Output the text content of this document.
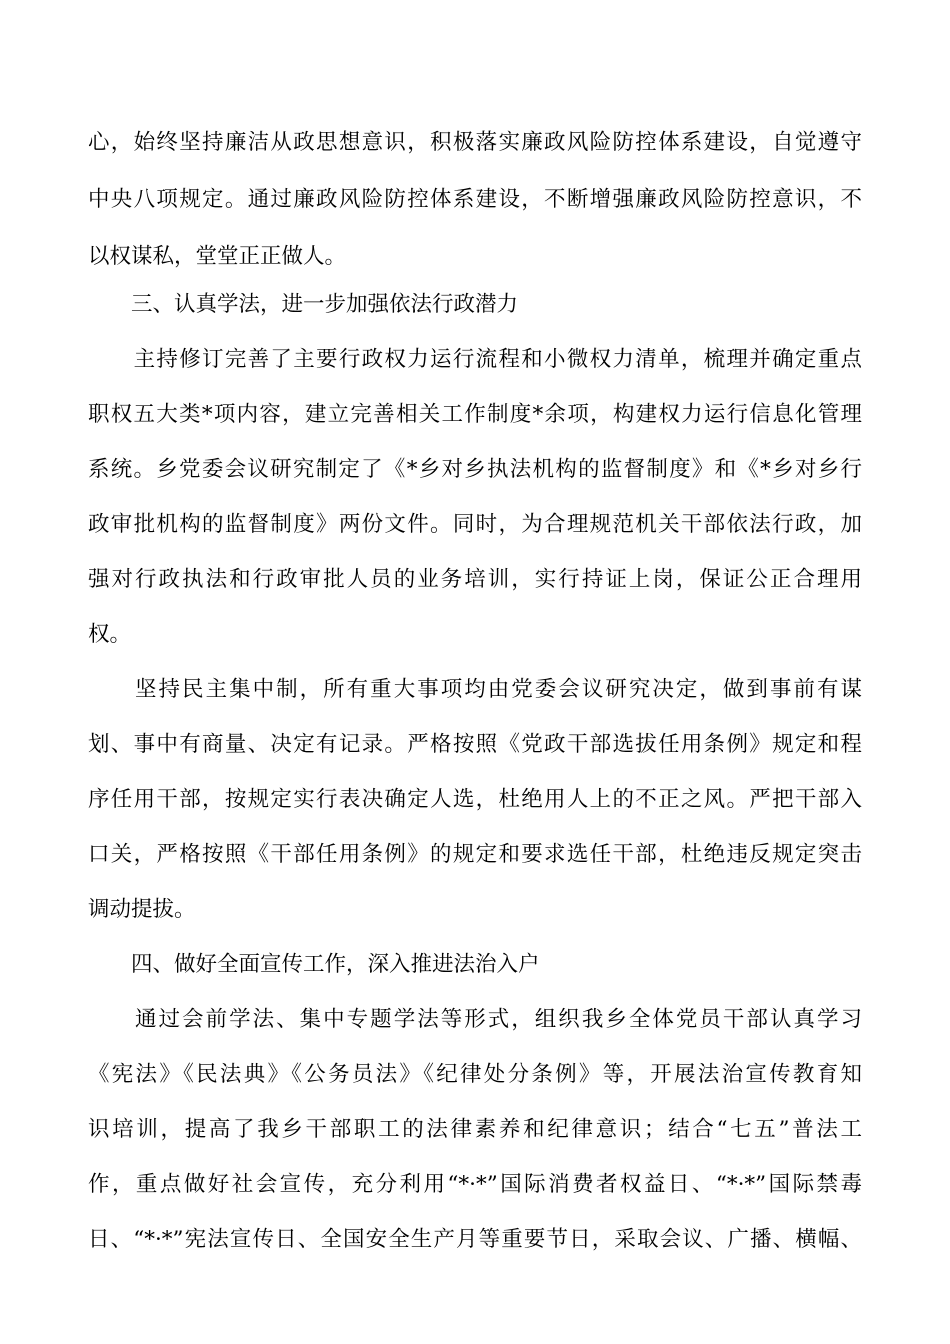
心，始终坚持廉洁从政思想意识，积极落实廉政风险防控体系建设，自觉遵守
中央八项规定。通过廉政风险防控体系建设，不断增强廉政风险防控意识，不
以权谋私，堂堂正正做人。
　　三、认真学法，进一步加强依法行政潜力
　　主持修订完善了主要行政权力运行流程和小微权力清单，梳理并确定重点
职权五大类*项内容，建立完善相关工作制度*余项，构建权力运行信息化管理
系统。乡党委会议研究制定了《*乡对乡执法机构的监督制度》和《*乡对乡行
政审批机构的监督制度》两份文件。同时，为合理规范机关干部依法行政，加
强对行政执法和行政审批人员的业务培训，实行持证上岗，保证公正合理用
权。
　　坚持民主集中制，所有重大事项均由党委会议研究决定，做到事前有谋
划、事中有商量、决定有记录。严格按照《党政干部选拔任用条例》规定和程
序任用干部，按规定实行表决确定人选，杜绝用人上的不正之风。严把干部入
口关，严格按照《干部任用条例》的规定和要求选任干部，杜绝违反规定突击
调动提拔。
　　四、做好全面宣传工作，深入推进法治入户
　　通过会前学法、集中专题学法等形式，组织我乡全体党员干部认真学习
《宪法》《民法典》《公务员法》《纪律处分条例》等，开展法治宣传教育知
识培训，提高了我乡干部职工的法律素养和纪律意识；结合“七五”普法工
作，重点做好社会宣传，充分利用“*·*”国际消费者权益日、“*·*”国际禁毒
日、“*·*”宪法宣传日、全国安全生产月等重要节日，采取会议、广播、横幅、
